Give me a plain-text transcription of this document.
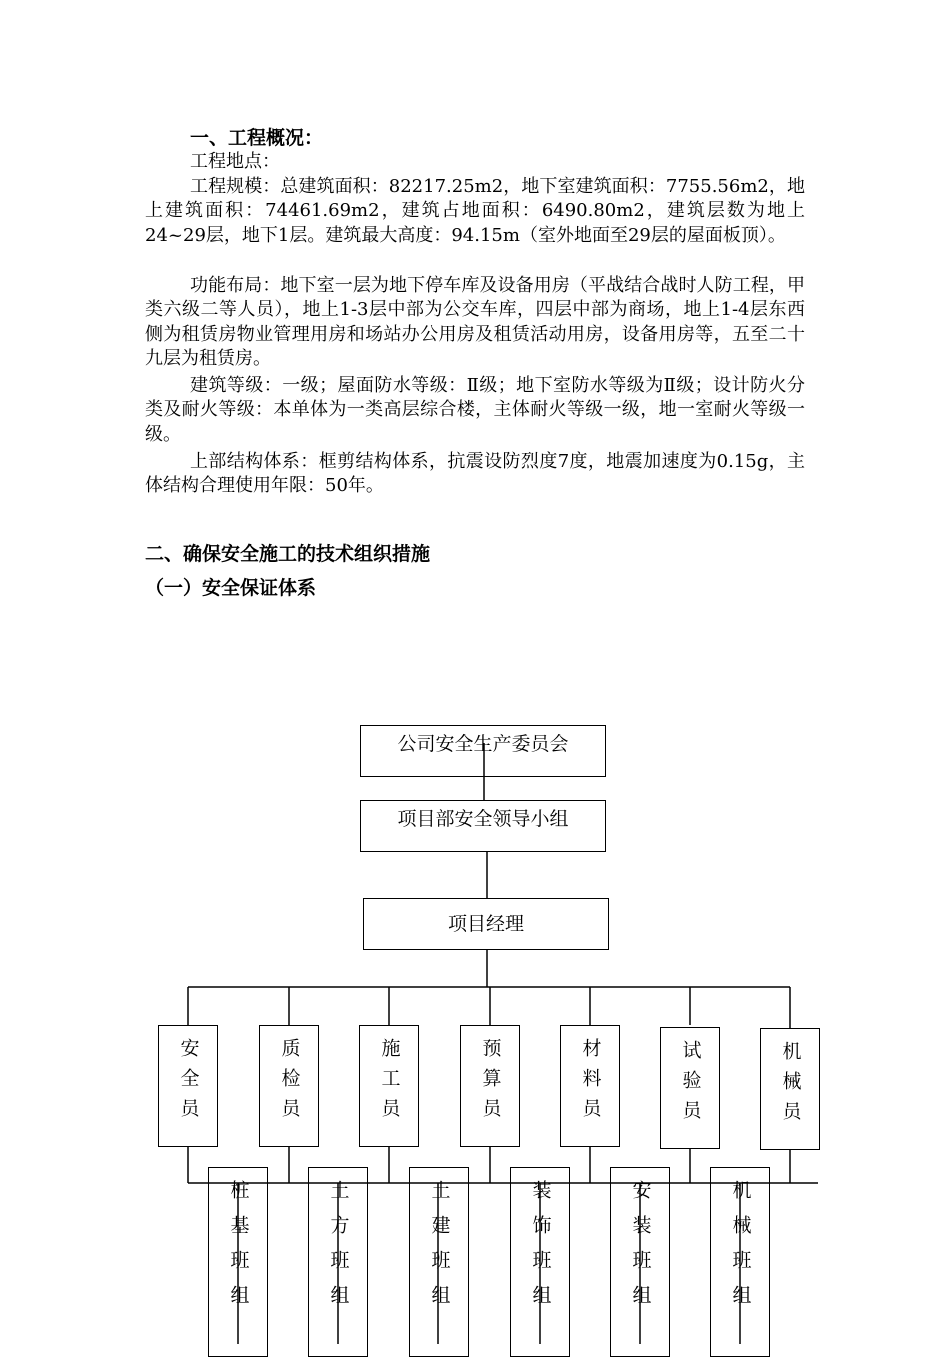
一、工程概况：

工程地点：

工程规模：总建筑面积：82217.25m2，地下室建筑面积：7755.56m2，地上建筑面积：74461.69m2，建筑占地面积：6490.80m2，建筑层数为地上24~29层，地下1层。建筑最大高度：94.15m（室外地面至29层的屋面板顶）。

功能布局：地下室一层为地下停车库及设备用房（平战结合战时人防工程，甲类六级二等人员），地上1-3层中部为公交车库，四层中部为商场，地上1-4层东西侧为租赁房物业管理用房和场站办公用房及租赁活动用房，设备用房等，五至二十九层为租赁房。

建筑等级：一级；屋面防水等级：Ⅱ级；地下室防水等级为Ⅱ级；设计防火分类及耐火等级：本单体为一类高层综合楼，主体耐火等级一级，地一室耐火等级一级。

上部结构体系：框剪结构体系，抗震设防烈度7度，地震加速度为0.15g，主体结构合理使用年限：50年。

二、确保安全施工的技术组织措施

（一）安全保证体系

公司安全生产委员会
项目部安全领导小组
项目经理
安全员	质检员	施工员	预算员	材料员	试验员	机械员
桩基班组	土方班组	土建班组	装饰班组	安装班组	机械班组
